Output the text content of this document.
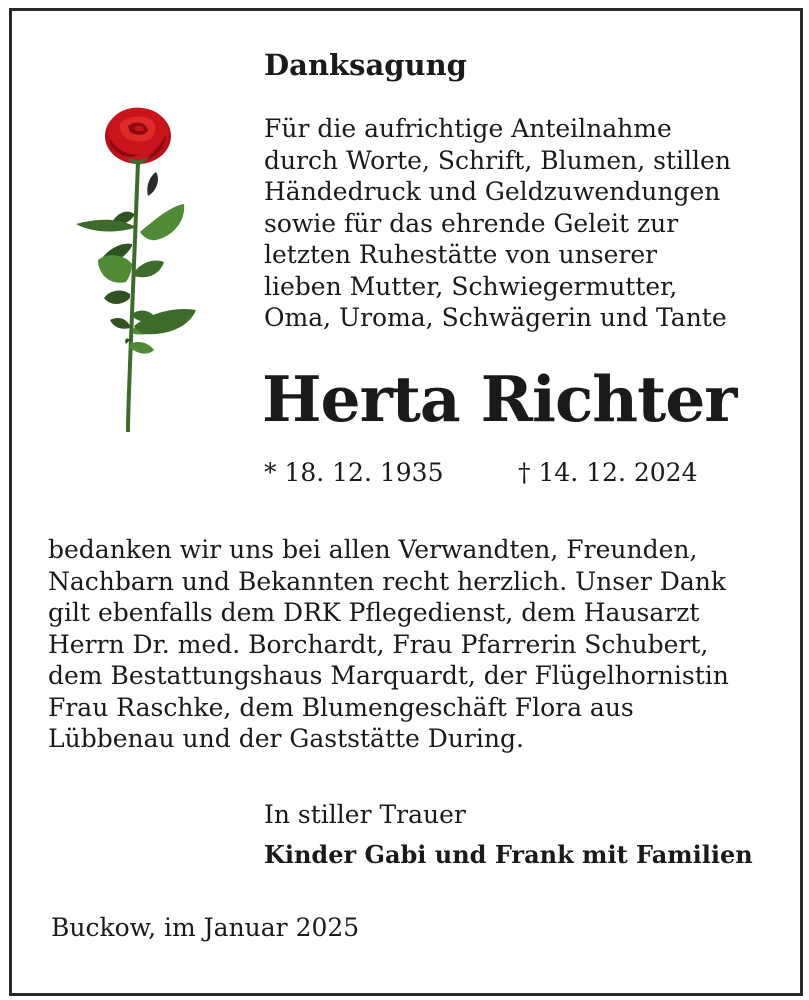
Danksagung
Für die aufrichtige Anteilnahme
durch Worte, Schrift, Blumen, stillen
Händedruck und Geldzuwendungen
sowie für das ehrende Geleit zur
letzten Ruhestätte von unserer
lieben Mutter, Schwiegermutter,
Oma, Uroma, Schwägerin und Tante
Herta Richter
* 18. 12. 1935	† 14. 12. 2024
bedanken wir uns bei allen Verwandten, Freunden,
Nachbarn und Bekannten recht herzlich. Unser Dank
gilt ebenfalls dem DRK Pflegedienst, dem Hausarzt
Herrn Dr. med. Borchardt, Frau Pfarrerin Schubert,
dem Bestattungshaus Marquardt, der Flügelhornistin
Frau Raschke, dem Blumengeschäft Flora aus
Lübbenau und der Gaststätte During.
In stiller Trauer
Kinder Gabi und Frank mit Familien
Buckow, im Januar 2025
